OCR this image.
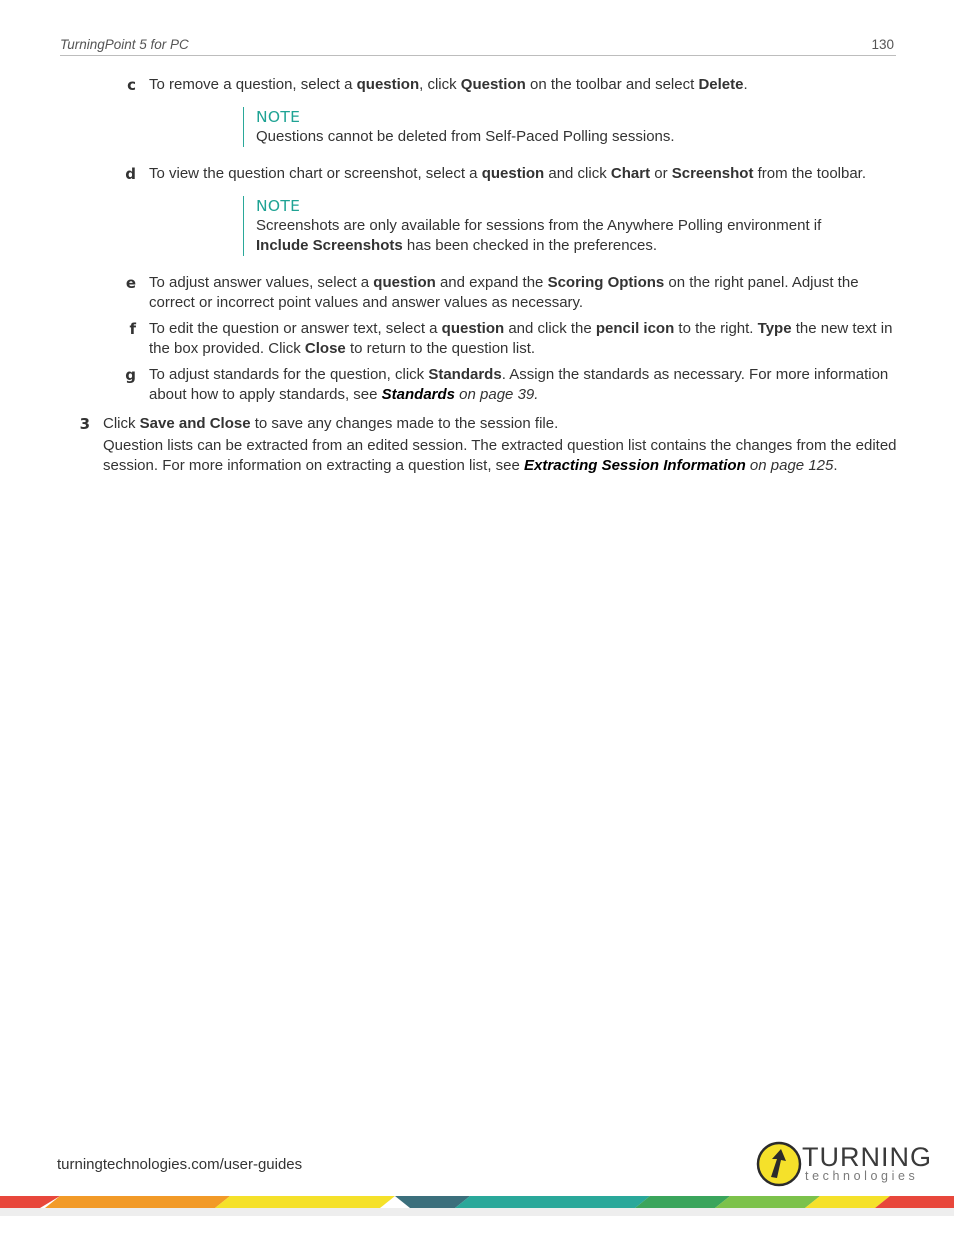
TurningPoint 5 for PC	130
c To remove a question, select a question, click Question on the toolbar and select Delete.
NOTE
Questions cannot be deleted from Self-Paced Polling sessions.
d To view the question chart or screenshot, select a question and click Chart or Screenshot from the toolbar.
NOTE
Screenshots are only available for sessions from the Anywhere Polling environment if
Include Screenshots has been checked in the preferences.
e To adjust answer values, select a question and expand the Scoring Options on the right panel. Adjust the
correct or incorrect point values and answer values as necessary.
f To edit the question or answer text, select a question and click the pencil icon to the right. Type the new text in
the box provided. Click Close to return to the question list.
g To adjust standards for the question, click Standards. Assign the standards as necessary. For more information
about how to apply standards, see Standards on page 39.
3 Click Save and Close to save any changes made to the session file.
Question lists can be extracted from an edited session. The extracted question list contains the changes from the edited
session. For more information on extracting a question list, see Extracting Session Information on page 125.
turningtechnologies.com/user-guides	TURNING
technologies
